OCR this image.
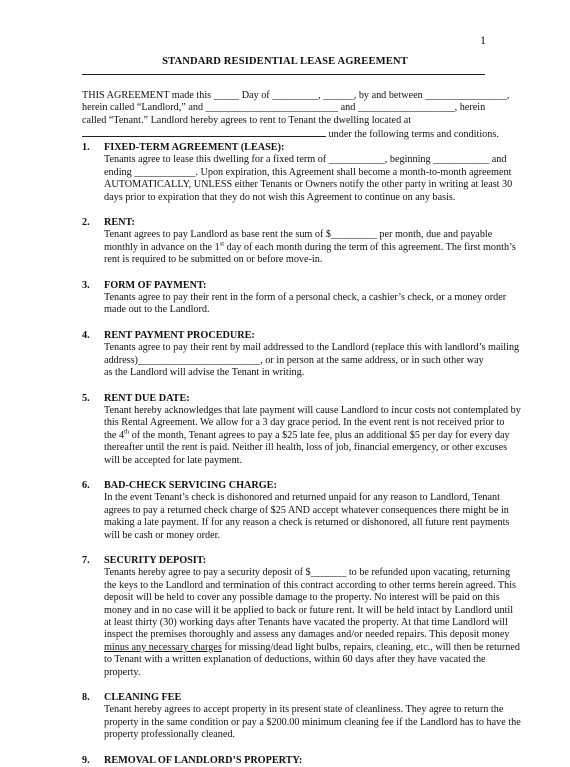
1
STANDARD RESIDENTIAL LEASE AGREEMENT
THIS AGREEMENT made this _____ Day of _________, ______, by and between ________________,
herein called “Landlord,” and __________________________ and ___________________, herein
called “Tenant.” Landlord hereby agrees to rent to Tenant the dwelling located at
under the following terms and conditions.
1. FIXED-TERM AGREEMENT (LEASE):
Tenants agree to lease this dwelling for a fixed term of ___________, beginning ___________ and
ending ____________. Upon expiration, this Agreement shall become a month-to-month agreement
AUTOMATICALLY, UNLESS either Tenants or Owners notify the other party in writing at least 30
days prior to expiration that they do not wish this Agreement to continue on any basis.
2. RENT:
Tenant agrees to pay Landlord as base rent the sum of $_________ per month, due and payable
monthly in advance on the 1st day of each month during the term of this agreement. The first month’s
rent is required to be submitted on or before move-in.
3. FORM OF PAYMENT:
Tenants agree to pay their rent in the form of a personal check, a cashier’s check, or a money order
made out to the Landlord.
4. RENT PAYMENT PROCEDURE:
Tenants agree to pay their rent by mail addressed to the Landlord (replace this with landlord’s mailing
address)________________________, or in person at the same address, or in such other way
as the Landlord will advise the Tenant in writing.
5. RENT DUE DATE:
Tenant hereby acknowledges that late payment will cause Landlord to incur costs not contemplated by
this Rental Agreement. We allow for a 3 day grace period. In the event rent is not received prior to
the 4th of the month, Tenant agrees to pay a $25 late fee, plus an additional $5 per day for every day
thereafter until the rent is paid. Neither ill health, loss of job, financial emergency, or other excuses
will be accepted for late payment.
6. BAD-CHECK SERVICING CHARGE:
In the event Tenant’s check is dishonored and returned unpaid for any reason to Landlord, Tenant
agrees to pay a returned check charge of $25 AND accept whatever consequences there might be in
making a late payment. If for any reason a check is returned or dishonored, all future rent payments
will be cash or money order.
7. SECURITY DEPOSIT:
Tenants hereby agree to pay a security deposit of $_______ to be refunded upon vacating, returning
the keys to the Landlord and termination of this contract according to other terms herein agreed. This
deposit will be held to cover any possible damage to the property. No interest will be paid on this
money and in no case will it be applied to back or future rent. It will be held intact by Landlord until
at least thirty (30) working days after Tenants have vacated the property. At that time Landlord will
inspect the premises thoroughly and assess any damages and/or needed repairs. This deposit money
minus any necessary charges for missing/dead light bulbs, repairs, cleaning, etc., will then be returned
to Tenant with a written explanation of deductions, within 60 days after they have vacated the
property.
8. CLEANING FEE
Tenant hereby agrees to accept property in its present state of cleanliness. They agree to return the
property in the same condition or pay a $200.00 minimum cleaning fee if the Landlord has to have the
property professionally cleaned.
9. REMOVAL OF LANDLORD’S PROPERTY:
